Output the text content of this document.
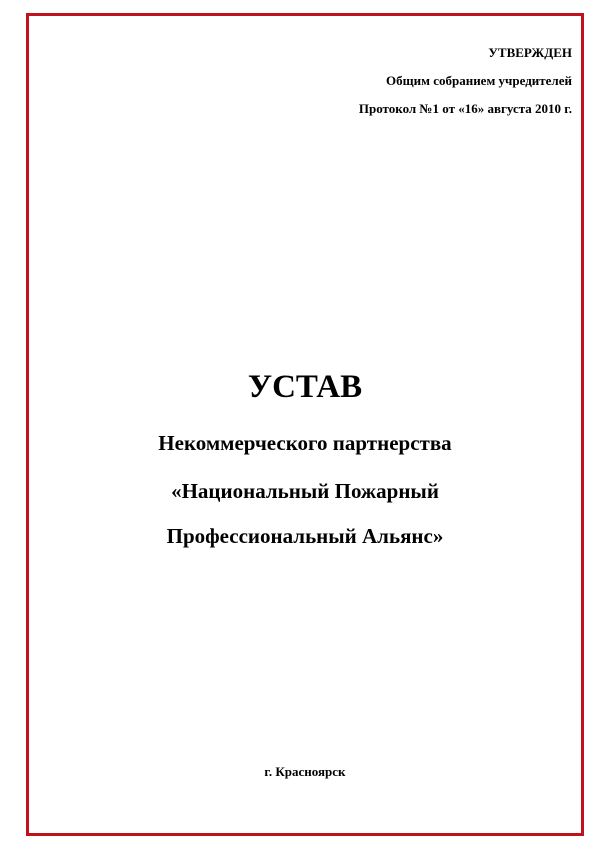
УТВЕРЖДЕН
Общим собранием учредителей
Протокол №1 от «16» августа 2010 г.
УСТАВ
Некоммерческого партнерства
«Национальный Пожарный
Профессиональный Альянс»
г. Красноярск
